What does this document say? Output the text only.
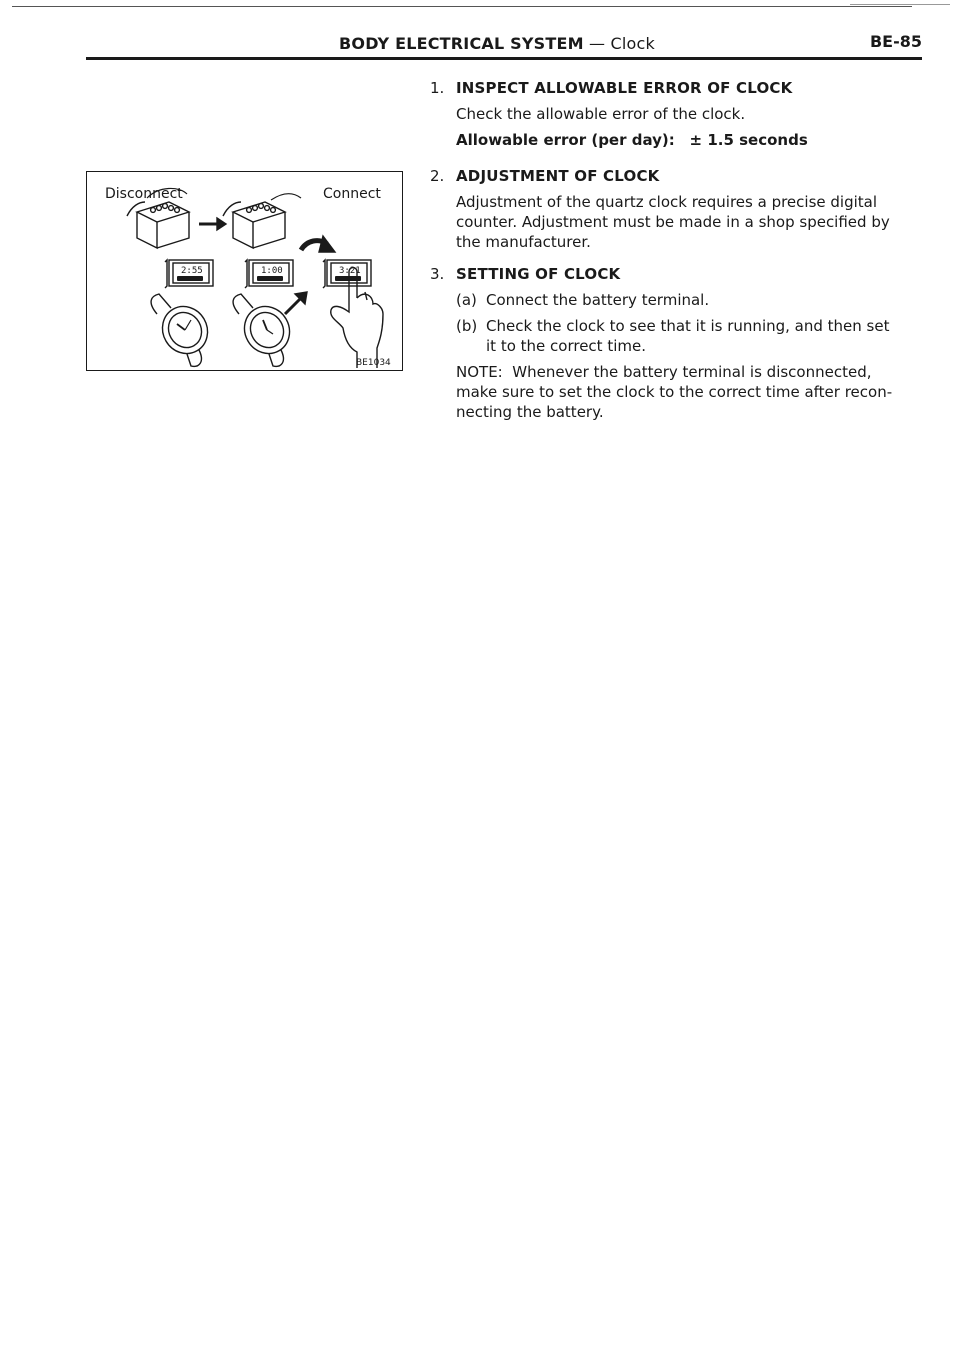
BODY ELECTRICAL SYSTEM — Clock	BE-85
2:55	1:00	3:21
Disconnect	Connect
BE1034
1. INSPECT ALLOWABLE ERROR OF CLOCK
Check the allowable error of the clock.
Allowable error (per day): ± 1.5 seconds
2. ADJUSTMENT OF CLOCK
Adjustment of the quartz clock requires a precise digital
counter. Adjustment must be made in a shop specified by
the manufacturer.
3. SETTING OF CLOCK
(a) Connect the battery terminal.
(b) Check the clock to see that it is running, and then set
it to the correct time.
NOTE:  Whenever the battery terminal is disconnected,
make sure to set the clock to the correct time after recon-
necting the battery.
